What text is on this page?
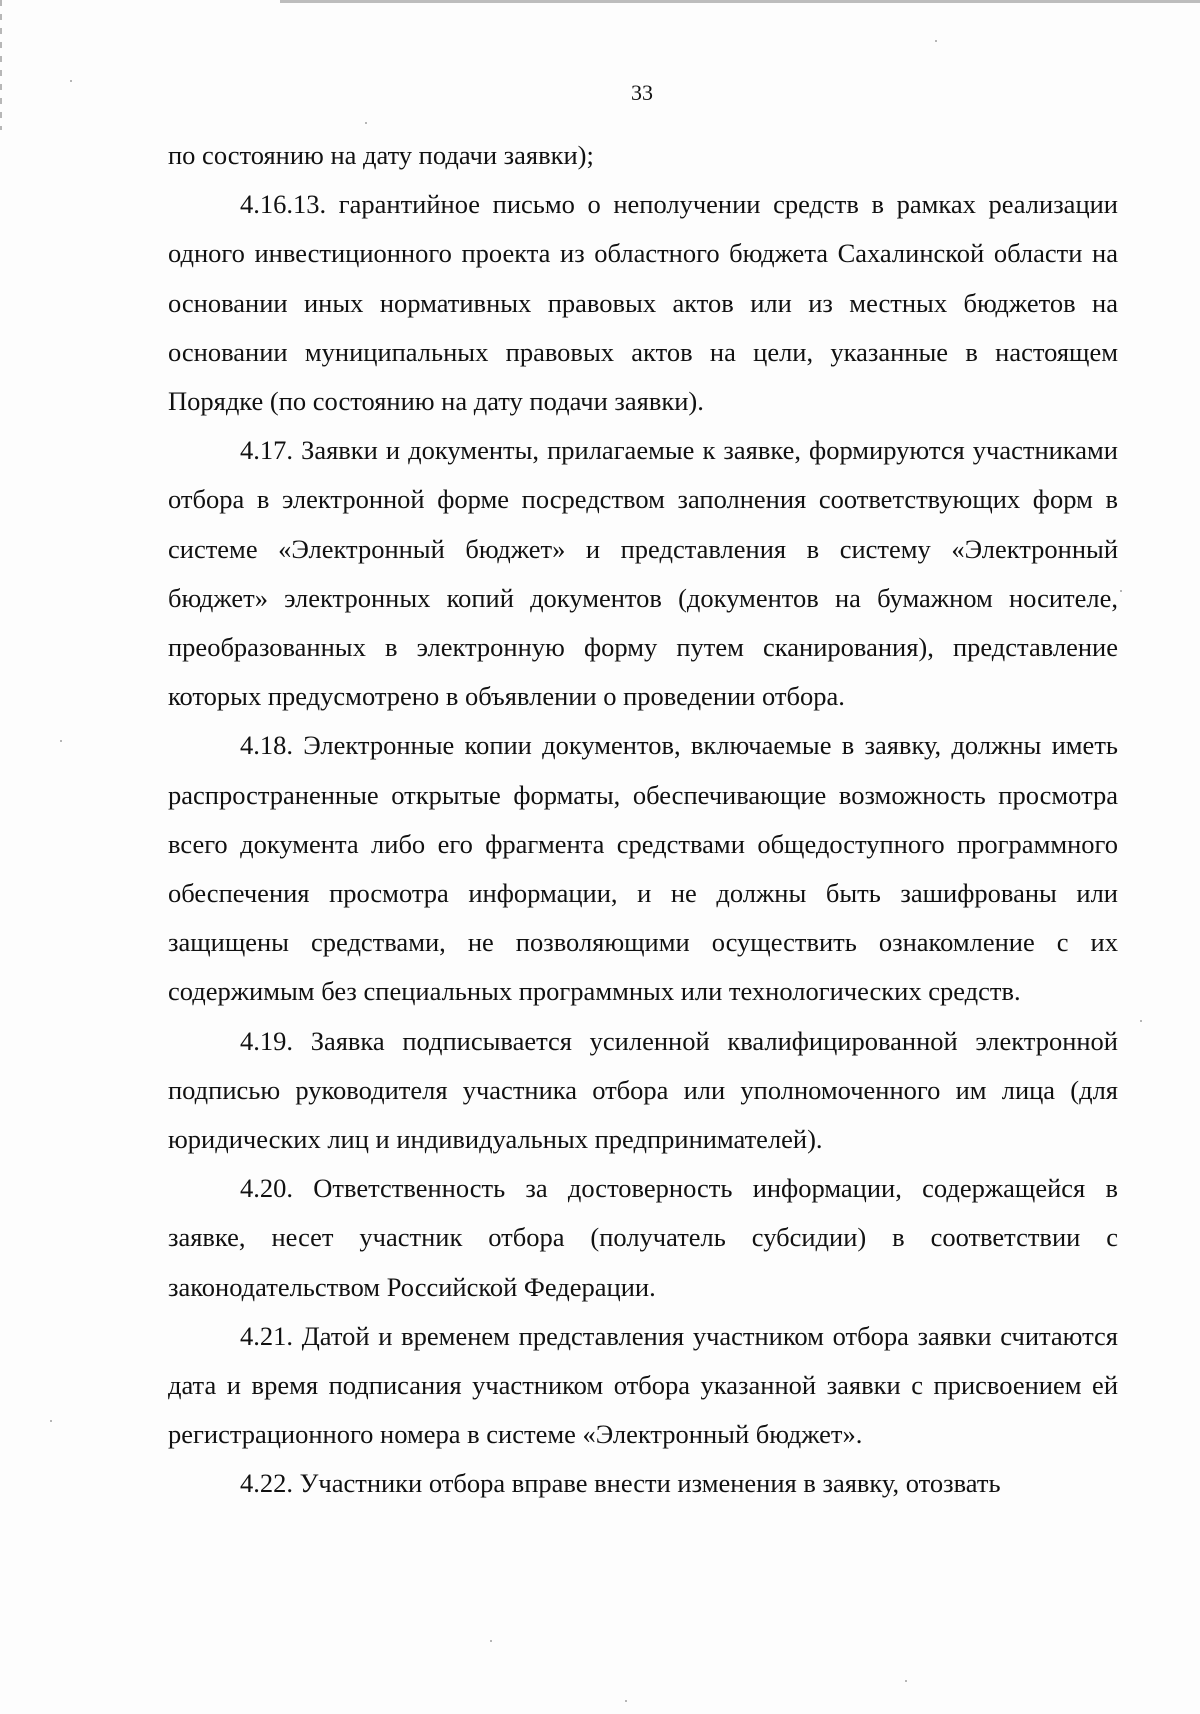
33

по состоянию на дату подачи заявки);

4.16.13. гарантийное письмо о неполучении средств в рамках реализации одного инвестиционного проекта из областного бюджета Сахалинской области на основании иных нормативных правовых актов или из местных бюджетов на основании муниципальных правовых актов на цели, указанные в настоящем Порядке (по состоянию на дату подачи заявки).

4.17. Заявки и документы, прилагаемые к заявке, формируются участниками отбора в электронной форме посредством заполнения соответствующих форм в системе «Электронный бюджет» и представления в систему «Электронный бюджет» электронных копий документов (документов на бумажном носителе, преобразованных в электронную форму путем сканирования), представление которых предусмотрено в объявлении о проведении отбора.

4.18. Электронные копии документов, включаемые в заявку, должны иметь распространенные открытые форматы, обеспечивающие возможность просмотра всего документа либо его фрагмента средствами общедоступного программного обеспечения просмотра информации, и не должны быть зашифрованы или защищены средствами, не позволяющими осуществить ознакомление с их содержимым без специальных программных или технологических средств.

4.19. Заявка подписывается усиленной квалифицированной электронной подписью руководителя участника отбора или уполномоченного им лица (для юридических лиц и индивидуальных предпринимателей).

4.20. Ответственность за достоверность информации, содержащейся в заявке, несет участник отбора (получатель субсидии) в соответствии с законодательством Российской Федерации.

4.21. Датой и временем представления участником отбора заявки считаются дата и время подписания участником отбора указанной заявки с присвоением ей регистрационного номера в системе «Электронный бюджет».

4.22. Участники отбора вправе внести изменения в заявку, отозвать
